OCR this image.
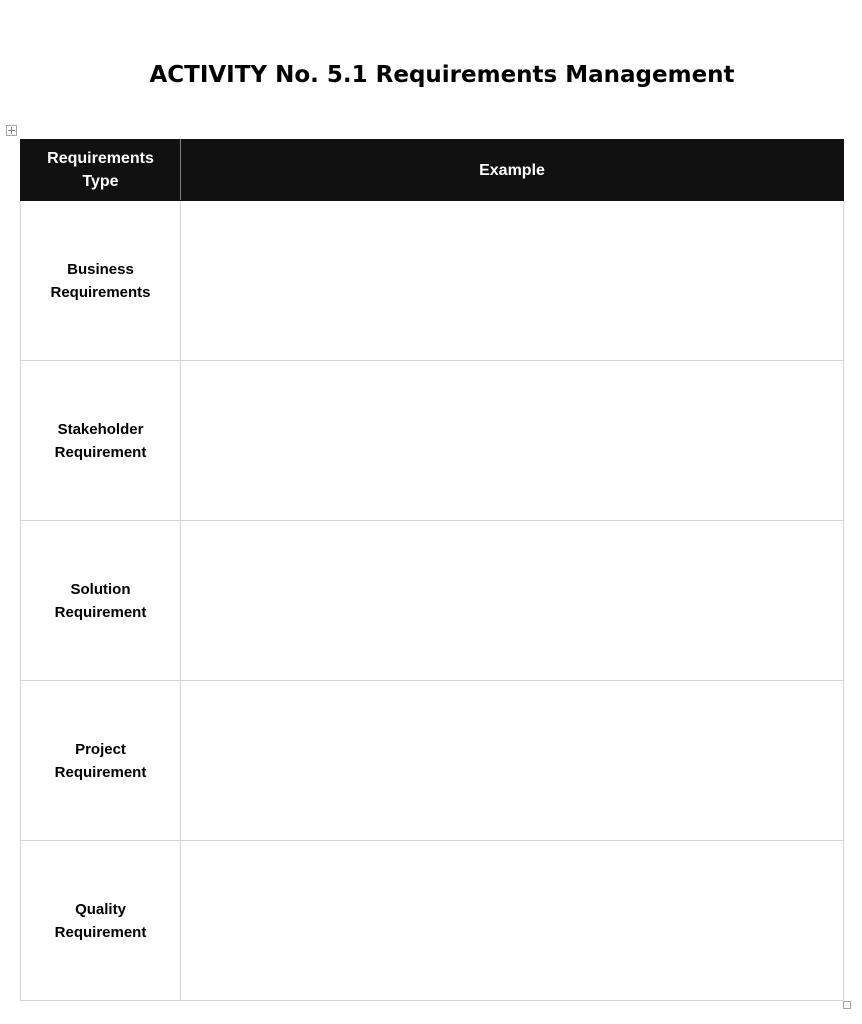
ACTIVITY No. 5.1 Requirements Management
Requirements
Type	Example

Business
Requirements	

Stakeholder
Requirement	

Solution
Requirement	

Project
Requirement	

Quality
Requirement	
